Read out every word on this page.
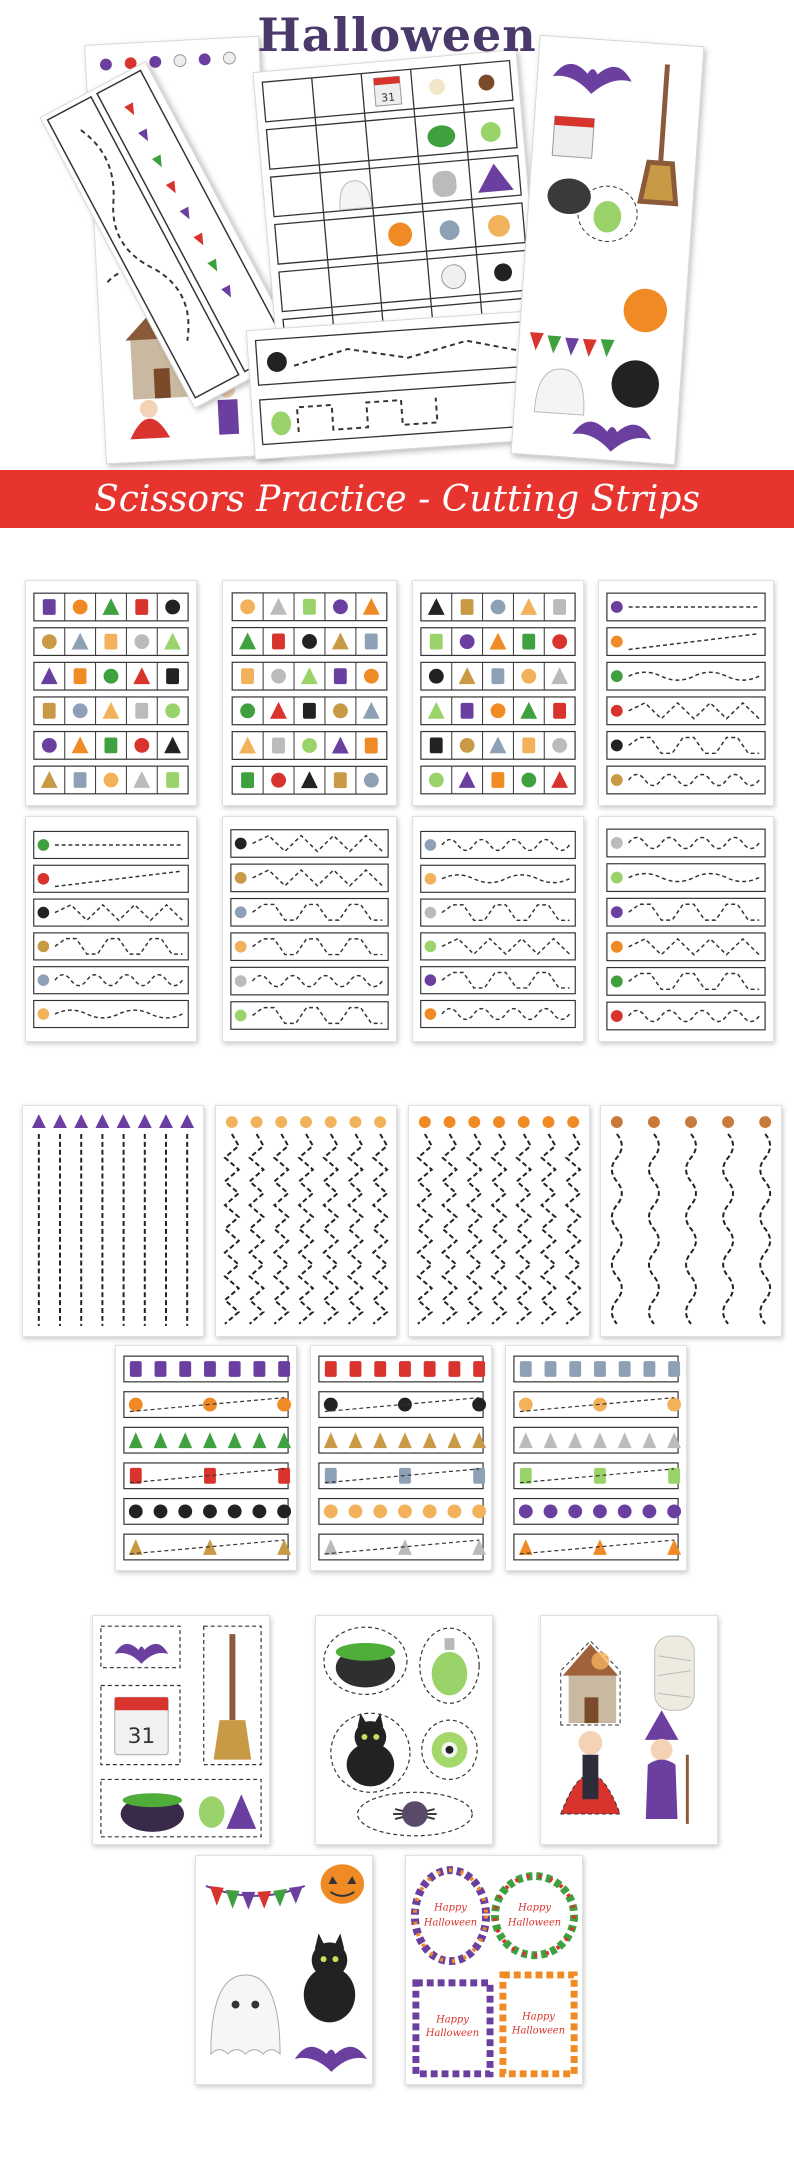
31
Halloween
Scissors Practice - Cutting Strips
31
Happy
Halloween
Happy
Halloween
Happy
Halloween
Happy
Halloween
